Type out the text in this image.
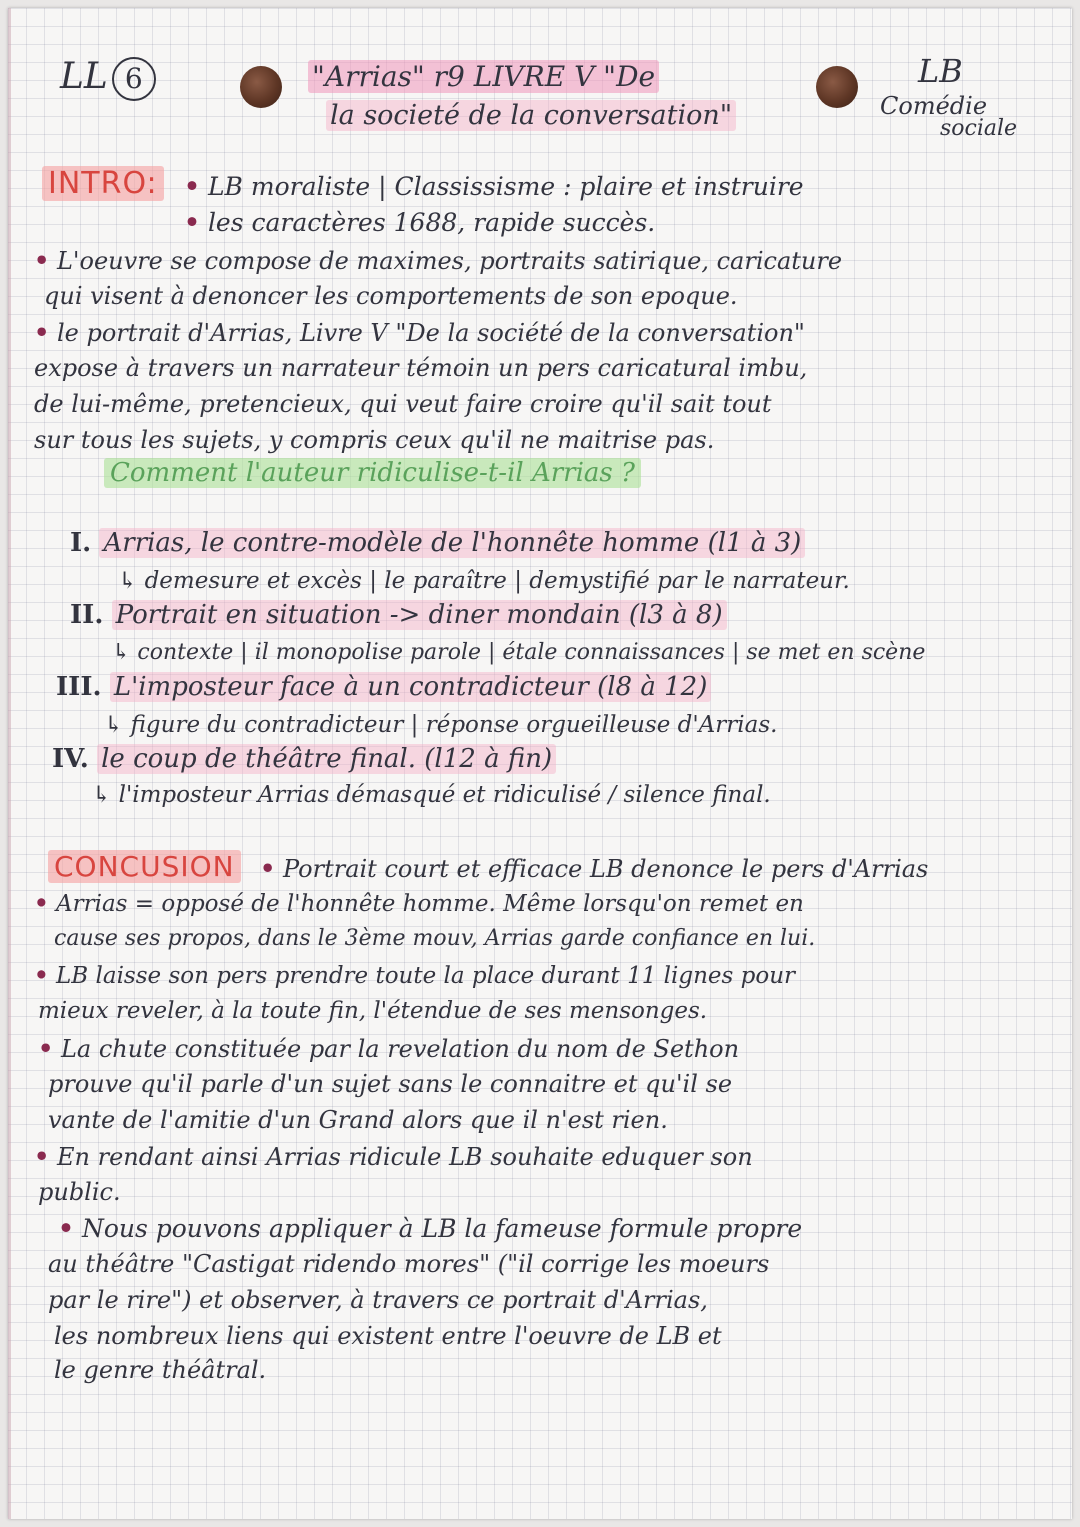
LL 6	"Arrias" r9 LIVRE V "De
la societé de la conversation"
LB
Comédie
sociale
INTRO: • LB moraliste | Classissisme : plaire et instruire
• les caractères 1688, rapide succès.
• L'oeuvre se compose de maximes, portraits satirique, caricature
qui visent à denoncer les comportements de son epoque.
• le portrait d'Arrias, Livre V "De la société de la conversation"
expose à travers un narrateur témoin un pers caricatural imbu,
de lui-même, pretencieux, qui veut faire croire qu'il sait tout
sur tous les sujets, y compris ceux qu'il ne maitrise pas.
Comment l'auteur ridiculise-t-il Arrias ?
I. Arrias, le contre-modèle de l'honnête homme (l1 à 3)
↳ demesure et excès | le paraître | demystifié par le narrateur.
II. Portrait en situation -> diner mondain (l3 à 8)
↳ contexte | il monopolise parole | étale connaissances | se met en scène
III. L'imposteur face à un contradicteur (l8 à 12)
↳ figure du contradicteur | réponse orgueilleuse d'Arrias.
IV. le coup de théâtre final. (l12 à fin)
↳ l'imposteur Arrias démasqué et ridiculisé / silence final.
CONCUSION • Portrait court et efficace LB denonce le pers d'Arrias
• Arrias = opposé de l'honnête homme. Même lorsqu'on remet en
cause ses propos, dans le 3ème mouv, Arrias garde confiance en lui.
• LB laisse son pers prendre toute la place durant 11 lignes pour
mieux reveler, à la toute fin, l'étendue de ses mensonges.
• La chute constituée par la revelation du nom de Sethon
prouve qu'il parle d'un sujet sans le connaitre et qu'il se
vante de l'amitie d'un Grand alors que il n'est rien.
• En rendant ainsi Arrias ridicule LB souhaite eduquer son
public.
• Nous pouvons appliquer à LB la fameuse formule propre
au théâtre "Castigat ridendo mores" ("il corrige les moeurs
par le rire") et observer, à travers ce portrait d'Arrias,
les nombreux liens qui existent entre l'oeuvre de LB et
le genre théâtral.
